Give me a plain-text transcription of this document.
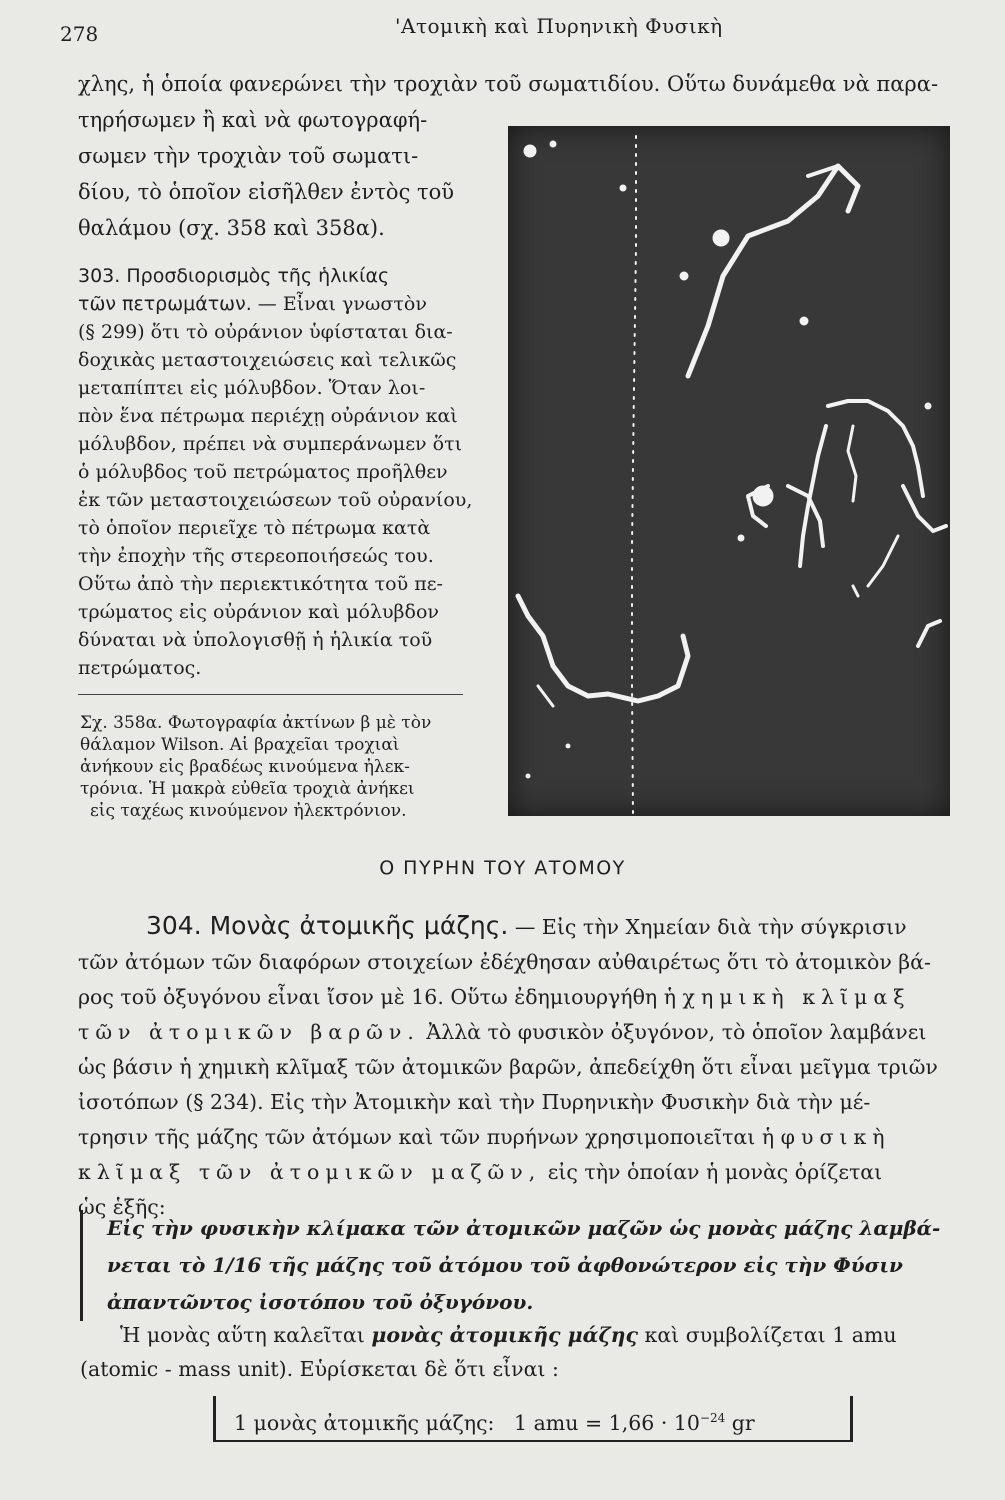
278	'Ατομικὴ καὶ Πυρηνικὴ Φυσικὴ
χλης, ἡ ὁποία φανερώνει τὴν τροχιὰν τοῦ σωματιδίου. Οὕτω δυνάμεθα νὰ παρα-
τηρήσωμεν ἢ καὶ νὰ φωτογραφή-
σωμεν τὴν τροχιὰν τοῦ σωματι-
δίου, τὸ ὁποῖον εἰσῆλθεν ἐντὸς τοῦ
θαλάμου (σχ. 358 καὶ 358α).
303. Προσδιορισμὸς τῆς ἡλικίας
τῶν πετρωμάτων. — Εἶναι γνωστὸν
(§ 299) ὅτι τὸ οὐράνιον ὑφίσταται δια-
δοχικὰς μεταστοιχειώσεις καὶ τελικῶς
μεταπίπτει εἰς μόλυβδον. Ὅταν λοι-
πὸν ἕνα πέτρωμα περιέχῃ οὐράνιον καὶ
μόλυβδον, πρέπει νὰ συμπεράνωμεν ὅτι
ὁ μόλυβδος τοῦ πετρώματος προῆλθεν
ἐκ τῶν μεταστοιχειώσεων τοῦ οὐρανίου,
τὸ ὁποῖον περιεῖχε τὸ πέτρωμα κατὰ
τὴν ἐποχὴν τῆς στερεοποιήσεώς του.
Οὕτω ἀπὸ τὴν περιεκτικότητα τοῦ πε-
τρώματος εἰς οὐράνιον καὶ μόλυβδον
δύναται νὰ ὑπολογισθῇ ἡ ἡλικία τοῦ
πετρώματος.
Σχ. 358α. Φωτογραφία ἀκτίνων β μὲ τὸν
θάλαμον Wilson. Αἱ βραχεῖαι τροχιαὶ
ἀνήκουν εἰς βραδέως κινούμενα ἠλεκ-
τρόνια. Ἡ μακρὰ εὐθεῖα τροχιὰ ἀνήκει
εἰς ταχέως κινούμενον ἠλεκτρόνιον.
Ο ΠΥΡΗΝ ΤΟΥ ΑΤΟΜΟΥ
304. Μονὰς ἀτομικῆς μάζης. — Εἰς τὴν Χημείαν διὰ τὴν σύγκρισιν
τῶν ἀτόμων τῶν διαφόρων στοιχείων ἐδέχθησαν αὐθαιρέτως ὅτι τὸ ἀτομικὸν βά-
ρος τοῦ ὀξυγόνου εἶναι ἴσον μὲ 16. Οὕτω ἐδημιουργήθη ἡ χημικὴ κλῖμαξ
τῶν ἀτομικῶν βαρῶν. Ἀλλὰ τὸ φυσικὸν ὀξυγόνον, τὸ ὁποῖον λαμβάνει
ὡς βάσιν ἡ χημικὴ κλῖμαξ τῶν ἀτομικῶν βαρῶν, ἀπεδείχθη ὅτι εἶναι μεῖγμα τριῶν
ἰσοτόπων (§ 234). Εἰς τὴν Ἀτομικὴν καὶ τὴν Πυρηνικὴν Φυσικὴν διὰ τὴν μέ-
τρησιν τῆς μάζης τῶν ἀτόμων καὶ τῶν πυρήνων χρησιμοποιεῖται ἡ φυσικὴ
κλῖμαξ τῶν ἀτομικῶν μαζῶν, εἰς τὴν ὁποίαν ἡ μονὰς ὁρίζεται
ὡς ἑξῆς:
Εἰς τὴν φυσικὴν κλίμακα τῶν ἀτομικῶν μαζῶν ὡς μονὰς μάζης λαμβά-
νεται τὸ 1/16 τῆς μάζης τοῦ ἀτόμου τοῦ ἀφθονώτερον εἰς τὴν Φύσιν
ἀπαντῶντος ἰσοτόπου τοῦ ὀξυγόνου.
Ἡ μονὰς αὕτη καλεῖται μονὰς ἀτομικῆς μάζης καὶ συμβολίζεται 1 amu
(atomic - mass unit). Εὑρίσκεται δὲ ὅτι εἶναι :
1 μονὰς ἀτομικῆς μάζης: 1 amu = $1,66 \cdot 10^{-24}$ gr
